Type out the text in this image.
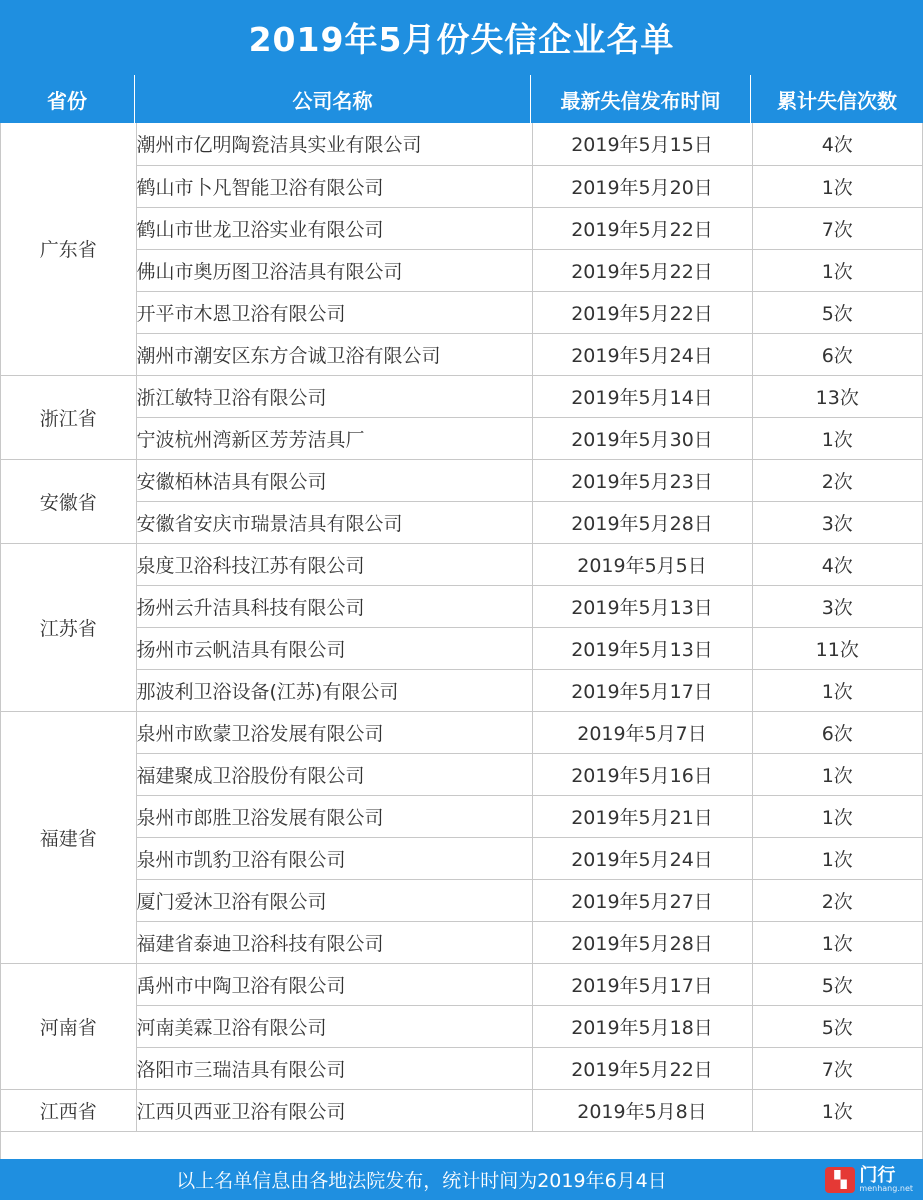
2019年5月份失信企业名单
省份	公司名称	最新失信发布时间	累计失信次数
广东省	潮州市亿明陶瓷洁具实业有限公司	2019年5月15日	4次
	鹤山市卜凡智能卫浴有限公司	2019年5月20日	1次
	鹤山市世龙卫浴实业有限公司	2019年5月22日	7次
	佛山市奥历图卫浴洁具有限公司	2019年5月22日	1次
	开平市木恩卫浴有限公司	2019年5月22日	5次
	潮州市潮安区东方合诚卫浴有限公司	2019年5月24日	6次
浙江省	浙江敏特卫浴有限公司	2019年5月14日	13次
	宁波杭州湾新区芳芳洁具厂	2019年5月30日	1次
安徽省	安徽栢林洁具有限公司	2019年5月23日	2次
	安徽省安庆市瑞景洁具有限公司	2019年5月28日	3次
江苏省	泉度卫浴科技江苏有限公司	2019年5月5日	4次
	扬州云升洁具科技有限公司	2019年5月13日	3次
	扬州市云帆洁具有限公司	2019年5月13日	11次
	那波利卫浴设备(江苏)有限公司	2019年5月17日	1次
福建省	泉州市欧蒙卫浴发展有限公司	2019年5月7日	6次
	福建聚成卫浴股份有限公司	2019年5月16日	1次
	泉州市郎胜卫浴发展有限公司	2019年5月21日	1次
	泉州市凯豹卫浴有限公司	2019年5月24日	1次
	厦门爱沐卫浴有限公司	2019年5月27日	2次
	福建省泰迪卫浴科技有限公司	2019年5月28日	1次
河南省	禹州市中陶卫浴有限公司	2019年5月17日	5次
	河南美霖卫浴有限公司	2019年5月18日	5次
	洛阳市三瑞洁具有限公司	2019年5月22日	7次
江西省	江西贝西亚卫浴有限公司	2019年5月8日	1次
以上名单信息由各地法院发布，统计时间为2019年6月4日	▚ 门行
menhang.net
